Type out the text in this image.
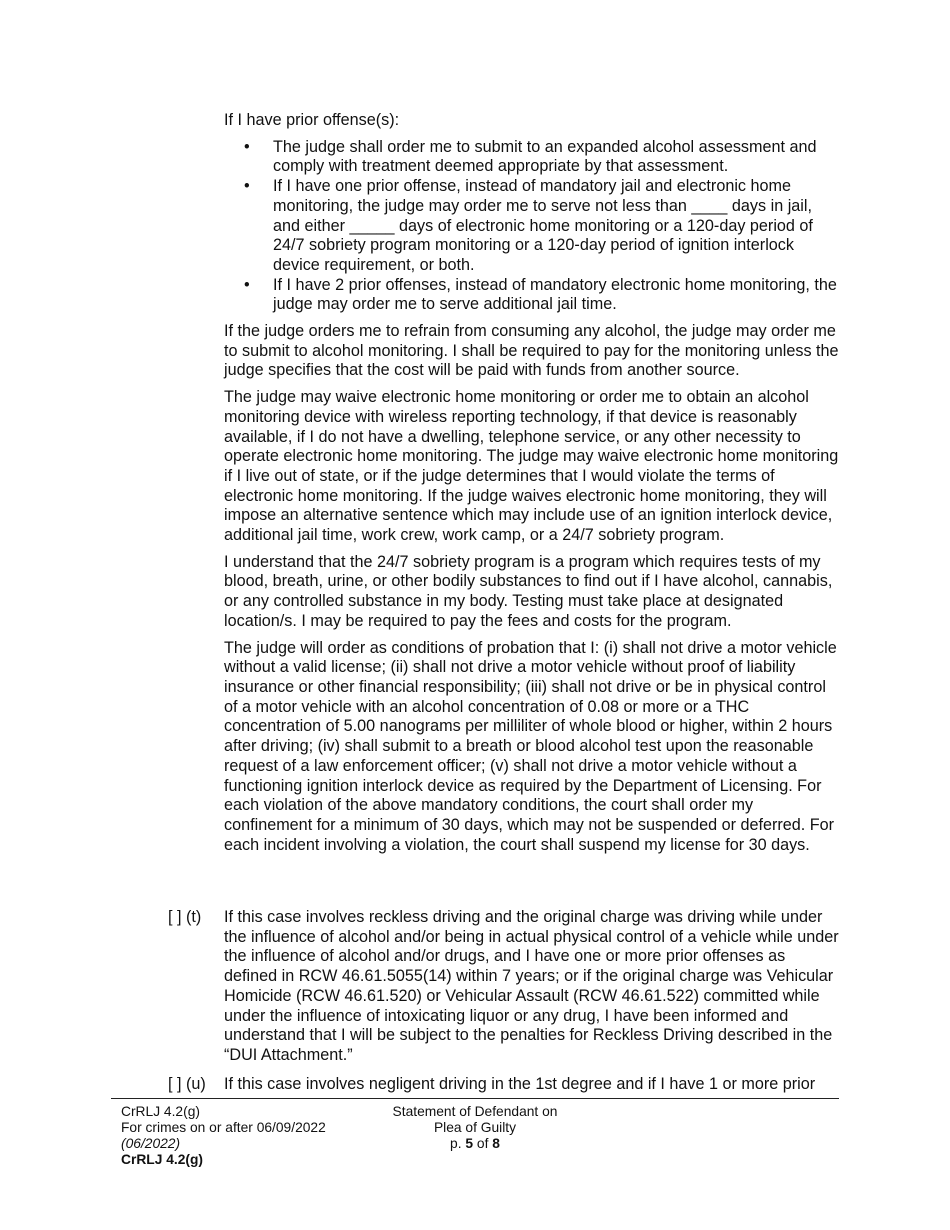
If I have prior offense(s):

• The judge shall order me to submit to an expanded alcohol assessment and comply with treatment deemed appropriate by that assessment.
• If I have one prior offense, instead of mandatory jail and electronic home monitoring, the judge may order me to serve not less than ____ days in jail, and either _____ days of electronic home monitoring or a 120-day period of 24/7 sobriety program monitoring or a 120-day period of ignition interlock device requirement, or both.
• If I have 2 prior offenses, instead of mandatory electronic home monitoring, the judge may order me to serve additional jail time.

If the judge orders me to refrain from consuming any alcohol, the judge may order me to submit to alcohol monitoring. I shall be required to pay for the monitoring unless the judge specifies that the cost will be paid with funds from another source.

The judge may waive electronic home monitoring or order me to obtain an alcohol monitoring device with wireless reporting technology, if that device is reasonably available, if I do not have a dwelling, telephone service, or any other necessity to operate electronic home monitoring. The judge may waive electronic home monitoring if I live out of state, or if the judge determines that I would violate the terms of electronic home monitoring. If the judge waives electronic home monitoring, they will impose an alternative sentence which may include use of an ignition interlock device, additional jail time, work crew, work camp, or a 24/7 sobriety program.

I understand that the 24/7 sobriety program is a program which requires tests of my blood, breath, urine, or other bodily substances to find out if I have alcohol, cannabis, or any controlled substance in my body. Testing must take place at designated location/s. I may be required to pay the fees and costs for the program.

The judge will order as conditions of probation that I: (i) shall not drive a motor vehicle without a valid license; (ii) shall not drive a motor vehicle without proof of liability insurance or other financial responsibility; (iii) shall not drive or be in physical control of a motor vehicle with an alcohol concentration of 0.08 or more or a THC concentration of 5.00 nanograms per milliliter of whole blood or higher, within 2 hours after driving; (iv) shall submit to a breath or blood alcohol test upon the reasonable request of a law enforcement officer; (v) shall not drive a motor vehicle without a functioning ignition interlock device as required by the Department of Licensing. For each violation of the above mandatory conditions, the court shall order my confinement for a minimum of 30 days, which may not be suspended or deferred. For each incident involving a violation, the court shall suspend my license for 30 days.

[ ] (t) If this case involves reckless driving and the original charge was driving while under the influence of alcohol and/or being in actual physical control of a vehicle while under the influence of alcohol and/or drugs, and I have one or more prior offenses as defined in RCW 46.61.5055(14) within 7 years; or if the original charge was Vehicular Homicide (RCW 46.61.520) or Vehicular Assault (RCW 46.61.522) committed while under the influence of intoxicating liquor or any drug, I have been informed and understand that I will be subject to the penalties for Reckless Driving described in the “DUI Attachment.”
[ ] (u) If this case involves negligent driving in the 1st degree and if I have 1 or more prior
CrRLJ 4.2(g)
For crimes on or after 06/09/2022
(06/2022)
CrRLJ 4.2(g)
Statement of Defendant on
Plea of Guilty
p. 5 of 8
